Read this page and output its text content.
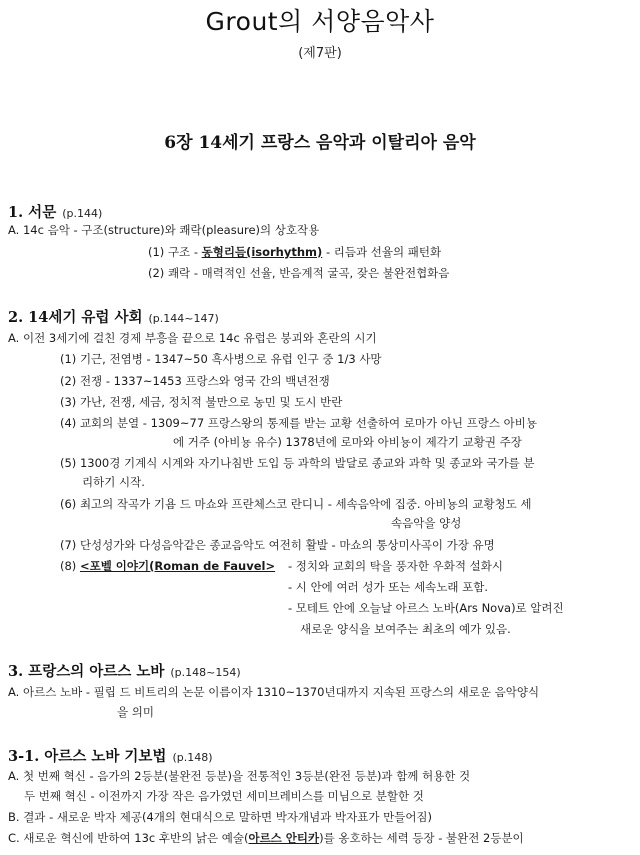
Grout의 서양음악사
(제7판)
6장 14세기 프랑스 음악과 이탈리아 음악
1. 서문 (p.144)
A. 14c 음악 - 구조(structure)와 쾌락(pleasure)의 상호작용
(1) 구조 - 동형리듬(isorhythm) - 리듬과 선율의 패턴화
(2) 쾌락 - 매력적인 선율, 반음계적 굴곡, 잦은 불완전협화음
2. 14세기 유럽 사회 (p.144~147)
A. 이전 3세기에 걸친 경제 부흥을 끝으로 14c 유럽은 붕괴와 혼란의 시기
(1) 기근, 전염병 - 1347~50 흑사병으로 유럽 인구 중 1/3 사망
(2) 전쟁 - 1337~1453 프랑스와 영국 간의 백년전쟁
(3) 가난, 전쟁, 세금, 정치적 불만으로 농민 및 도시 반란
(4) 교회의 분열 - 1309~77 프랑스왕의 통제를 받는 교황 선출하여 로마가 아닌 프랑스 아비뇽
에 거주 (아비뇽 유수) 1378년에 로마와 아비뇽이 제각기 교황권 주장
(5) 1300경 기계식 시계와 자기나침반 도입 등 과학의 발달로 종교와 과학 및 종교와 국가를 분
리하기 시작.
(6) 최고의 작곡가 기욤 드 마쇼와 프란체스코 란디니 - 세속음악에 집중. 아비뇽의 교황청도 세
속음악을 양성
(7) 단성성가와 다성음악같은 종교음악도 여전히 활발 - 마쇼의 통상미사곡이 가장 유명
(8) <포벨 이야기(Roman de Fauvel> - 정치와 교회의 탁을 풍자한 우화적 설화시
- 시 안에 여러 성가 또는 세속노래 포함.
- 모테트 안에 오늘날 아르스 노바(Ars Nova)로 알려진
새로운 양식을 보여주는 최초의 예가 있음.
3. 프랑스의 아르스 노바 (p.148~154)
A. 아르스 노바 - 필립 드 비트리의 논문 이름이자 1310~1370년대까지 지속된 프랑스의 새로운 음악양식
을 의미
3-1. 아르스 노바 기보법 (p.148)
A. 첫 번째 혁신 - 음가의 2등분(불완전 등분)을 전통적인 3등분(완전 등분)과 함께 허용한 것
두 번째 혁신 - 이전까지 가장 작은 음가였던 세미브레비스를 미님으로 분할한 것
B. 결과 - 새로운 박자 제공(4개의 현대식으로 말하면 박자개념과 박자표가 만들어짐)
C. 새로운 혁신에 반하여 13c 후반의 낡은 예술(아르스 안티카)를 옹호하는 세력 등장 - 불완전 2등분이
